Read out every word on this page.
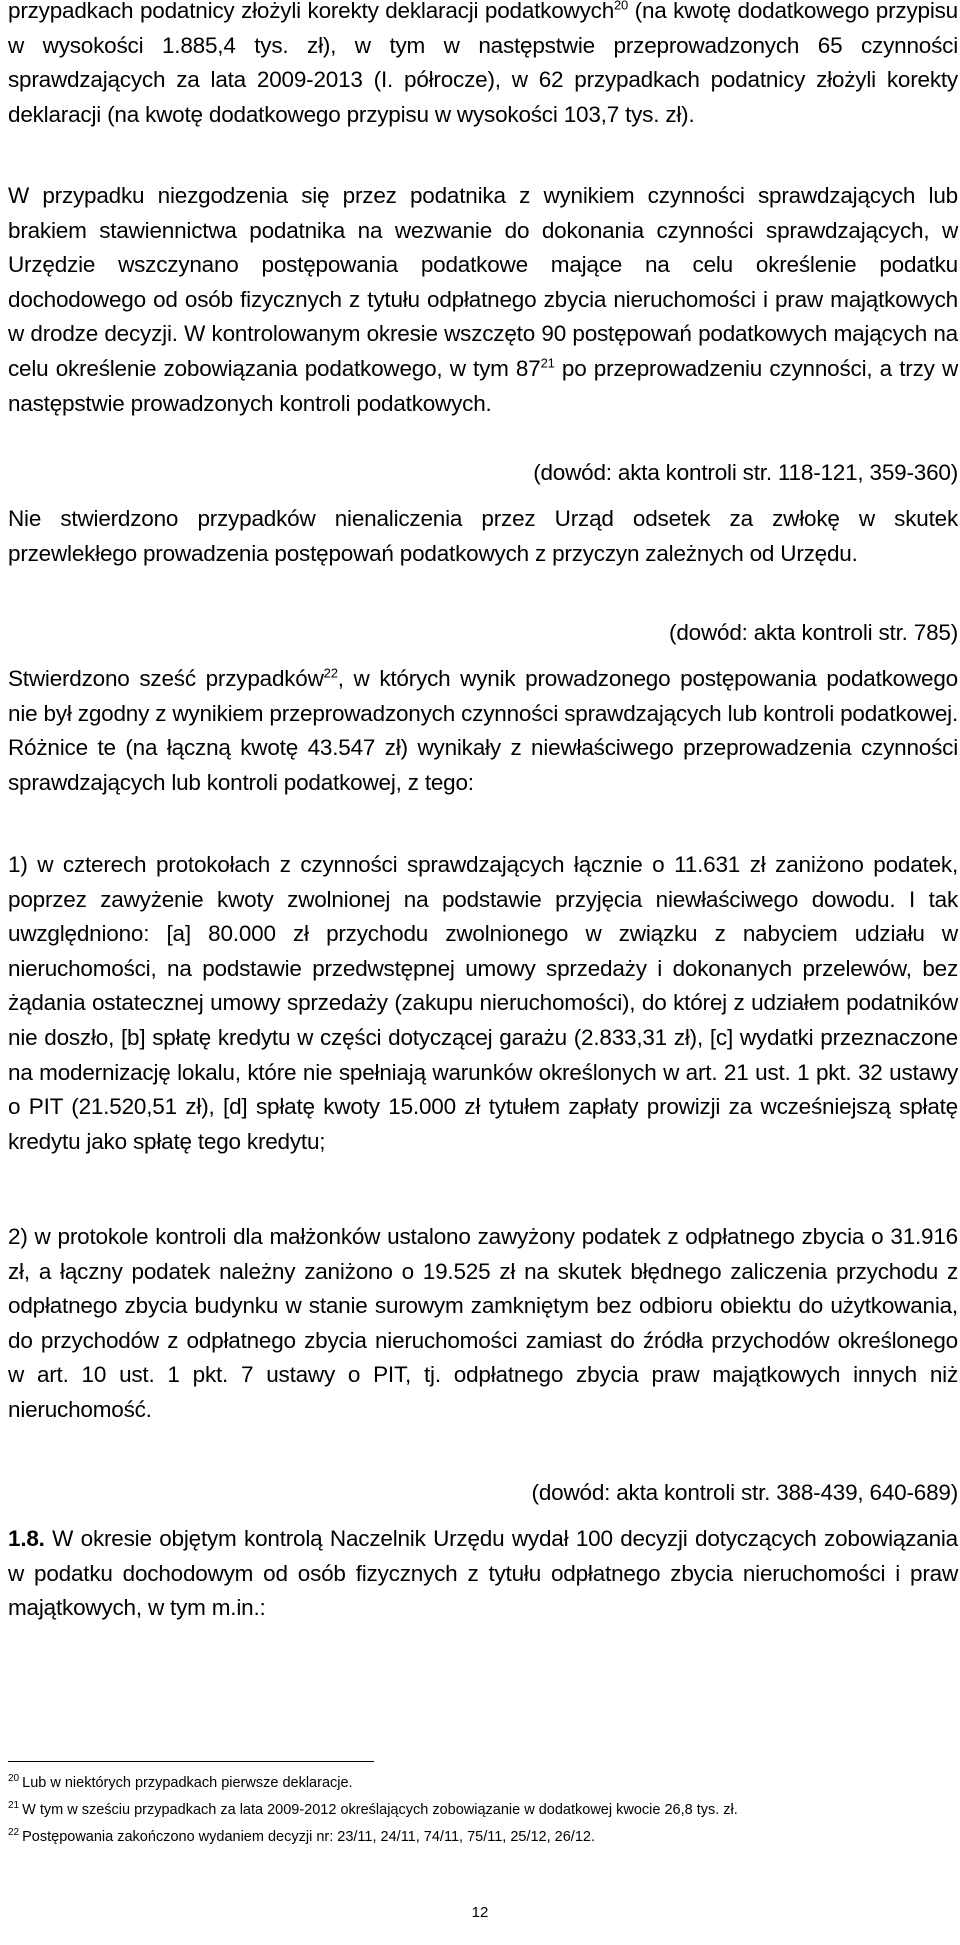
przypadkach podatnicy złożyli korekty deklaracji podatkowych$^{20}$ (na kwotę dodatkowego przypisu w wysokości 1.885,4 tys. zł), w tym w następstwie przeprowadzonych 65 czynności sprawdzających za lata 2009-2013 (I. półrocze), w 62 przypadkach podatnicy złożyli korekty deklaracji (na kwotę dodatkowego przypisu w wysokości 103,7 tys. zł).

W przypadku niezgodzenia się przez podatnika z wynikiem czynności sprawdzających lub brakiem stawiennictwa podatnika na wezwanie do dokonania czynności sprawdzających, w Urzędzie wszczynano postępowania podatkowe mające na celu określenie podatku dochodowego od osób fizycznych z tytułu odpłatnego zbycia nieruchomości i praw majątkowych w drodze decyzji. W kontrolowanym okresie wszczęto 90 postępowań podatkowych mających na celu określenie zobowiązania podatkowego, w tym $87^{21}$ po przeprowadzeniu czynności, a trzy w następstwie prowadzonych kontroli podatkowych.

(dowód: akta kontroli str. 118-121, 359-360)
Nie stwierdzono przypadków nienaliczenia przez Urząd odsetek za zwłokę w skutek przewlekłego prowadzenia postępowań podatkowych z przyczyn zależnych od Urzędu.
(dowód: akta kontroli str. 785)

Stwierdzono sześć przypadków$^{22}$, w których wynik prowadzonego postępowania podatkowego nie był zgodny z wynikiem przeprowadzonych czynności sprawdzających lub kontroli podatkowej. Różnice te (na łączną kwotę 43.547 zł) wynikały z niewłaściwego przeprowadzenia czynności sprawdzających lub kontroli podatkowej, z tego:

1) w czterech protokołach z czynności sprawdzających łącznie o 11.631 zł zaniżono podatek, poprzez zawyżenie kwoty zwolnionej na podstawie przyjęcia niewłaściwego dowodu. I tak uwzględniono: [a] 80.000 zł przychodu zwolnionego w związku z nabyciem udziału w nieruchomości, na podstawie przedwstępnej umowy sprzedaży i dokonanych przelewów, bez żądania ostatecznej umowy sprzedaży (zakupu nieruchomości), do której z udziałem podatników nie doszło, [b] spłatę kredytu w części dotyczącej garażu (2.833,31 zł), [c] wydatki przeznaczone na modernizację lokalu, które nie spełniają warunków określonych w art. 21 ust. 1 pkt. 32 ustawy o PIT (21.520,51 zł), [d] spłatę kwoty 15.000 zł tytułem zapłaty prowizji za wcześniejszą spłatę kredytu jako spłatę tego kredytu;
2) w protokole kontroli dla małżonków ustalono zawyżony podatek z odpłatnego zbycia o 31.916 zł, a łączny podatek należny zaniżono o 19.525 zł na skutek błędnego zaliczenia przychodu z odpłatnego zbycia budynku w stanie surowym zamkniętym bez odbioru obiektu do użytkowania, do przychodów z odpłatnego zbycia nieruchomości zamiast do źródła przychodów określonego w art. 10 ust. 1 pkt. 7 ustawy o PIT, tj. odpłatnego zbycia praw majątkowych innych niż nieruchomość.
(dowód: akta kontroli str. 388-439, 640-689)

1.8. W okresie objętym kontrolą Naczelnik Urzędu wydał 100 decyzji dotyczących zobowiązania w podatku dochodowym od osób fizycznych z tytułu odpłatnego zbycia nieruchomości i praw majątkowych, w tym m.in.:

$^{20}$ Lub w niektórych przypadkach pierwsze deklaracje.
$^{21}$ W tym w sześciu przypadkach za lata 2009-2012 określających zobowiązanie w dodatkowej kwocie 26,8 tys. zł.
$^{22}$ Postępowania zakończono wydaniem decyzji nr: 23/11, 24/11, 74/11, 75/11, 25/12, 26/12.
12
